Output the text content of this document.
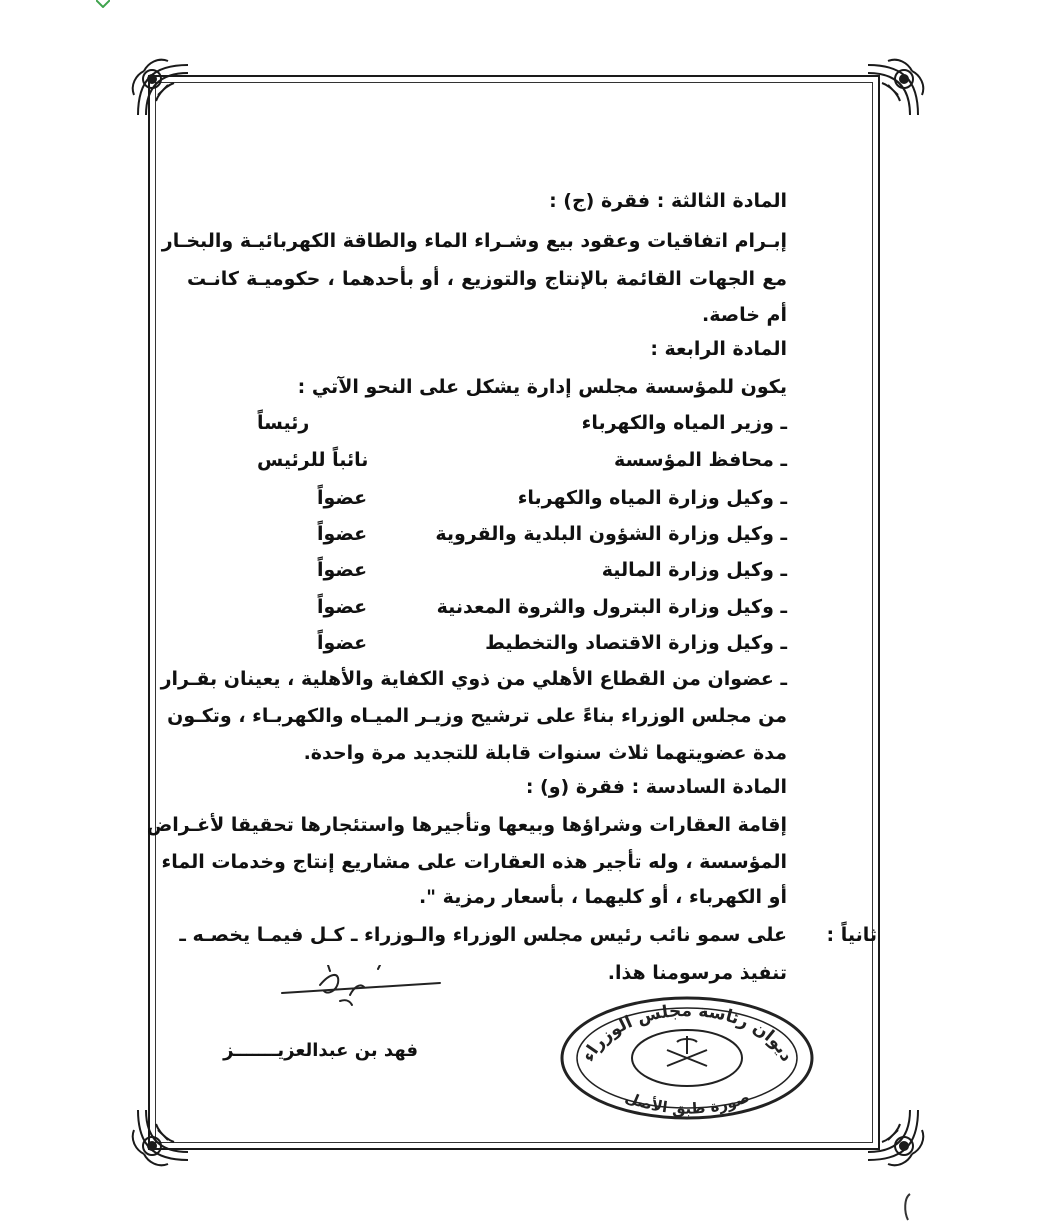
المادة الثالثة : فقرة (ج) :
إبـرام اتفاقيات وعقود بيع وشـراء الماء والطاقة الكهربائيـة والبخـار
مع الجهات القائمة بالإنتاج والتوزيع ، أو بأحدهما ، حكوميـة كانـت
أم خاصة.
المادة الرابعة :
يكون للمؤسسة مجلس إدارة يشكل على النحو الآتي :
ـ وزير المياه والكهرباء
رئيساً
ـ محافظ المؤسسة
نائباً للرئيس
ـ وكيل وزارة المياه والكهرباء
عضواً
ـ وكيل وزارة الشؤون البلدية والقروية
عضواً
ـ وكيل وزارة المالية
عضواً
ـ وكيل وزارة البترول والثروة المعدنية
عضواً
ـ وكيل وزارة الاقتصاد والتخطيط
عضواً
ـ عضوان من القطاع الأهلي من ذوي الكفاية والأهلية ، يعينان بقـرار
من مجلس الوزراء بناءً على ترشيح وزيـر الميـاه والكهربـاء ، وتكـون
مدة عضويتهما ثلاث سنوات قابلة للتجديد مرة واحدة.
المادة السادسة : فقرة (و) :
إقامة العقارات وشراؤها وبيعها وتأجيرها واستئجارها تحقيقا لأغـراض
المؤسسة ، وله تأجير هذه العقارات على مشاريع إنتاج وخدمات الماء
أو الكهرباء ، أو كليهما ، بأسعار رمزية ".
ثانياً :
على سمو نائب رئيس مجلس الوزراء والـوزراء ـ كـل فيمـا يخصـه ـ
تنفيذ مرسومنا هذا.
فهد بن عبدالعزيـــــــز	ديوان رئاسة مجلس الوزراء
صورة طبق الأصل
